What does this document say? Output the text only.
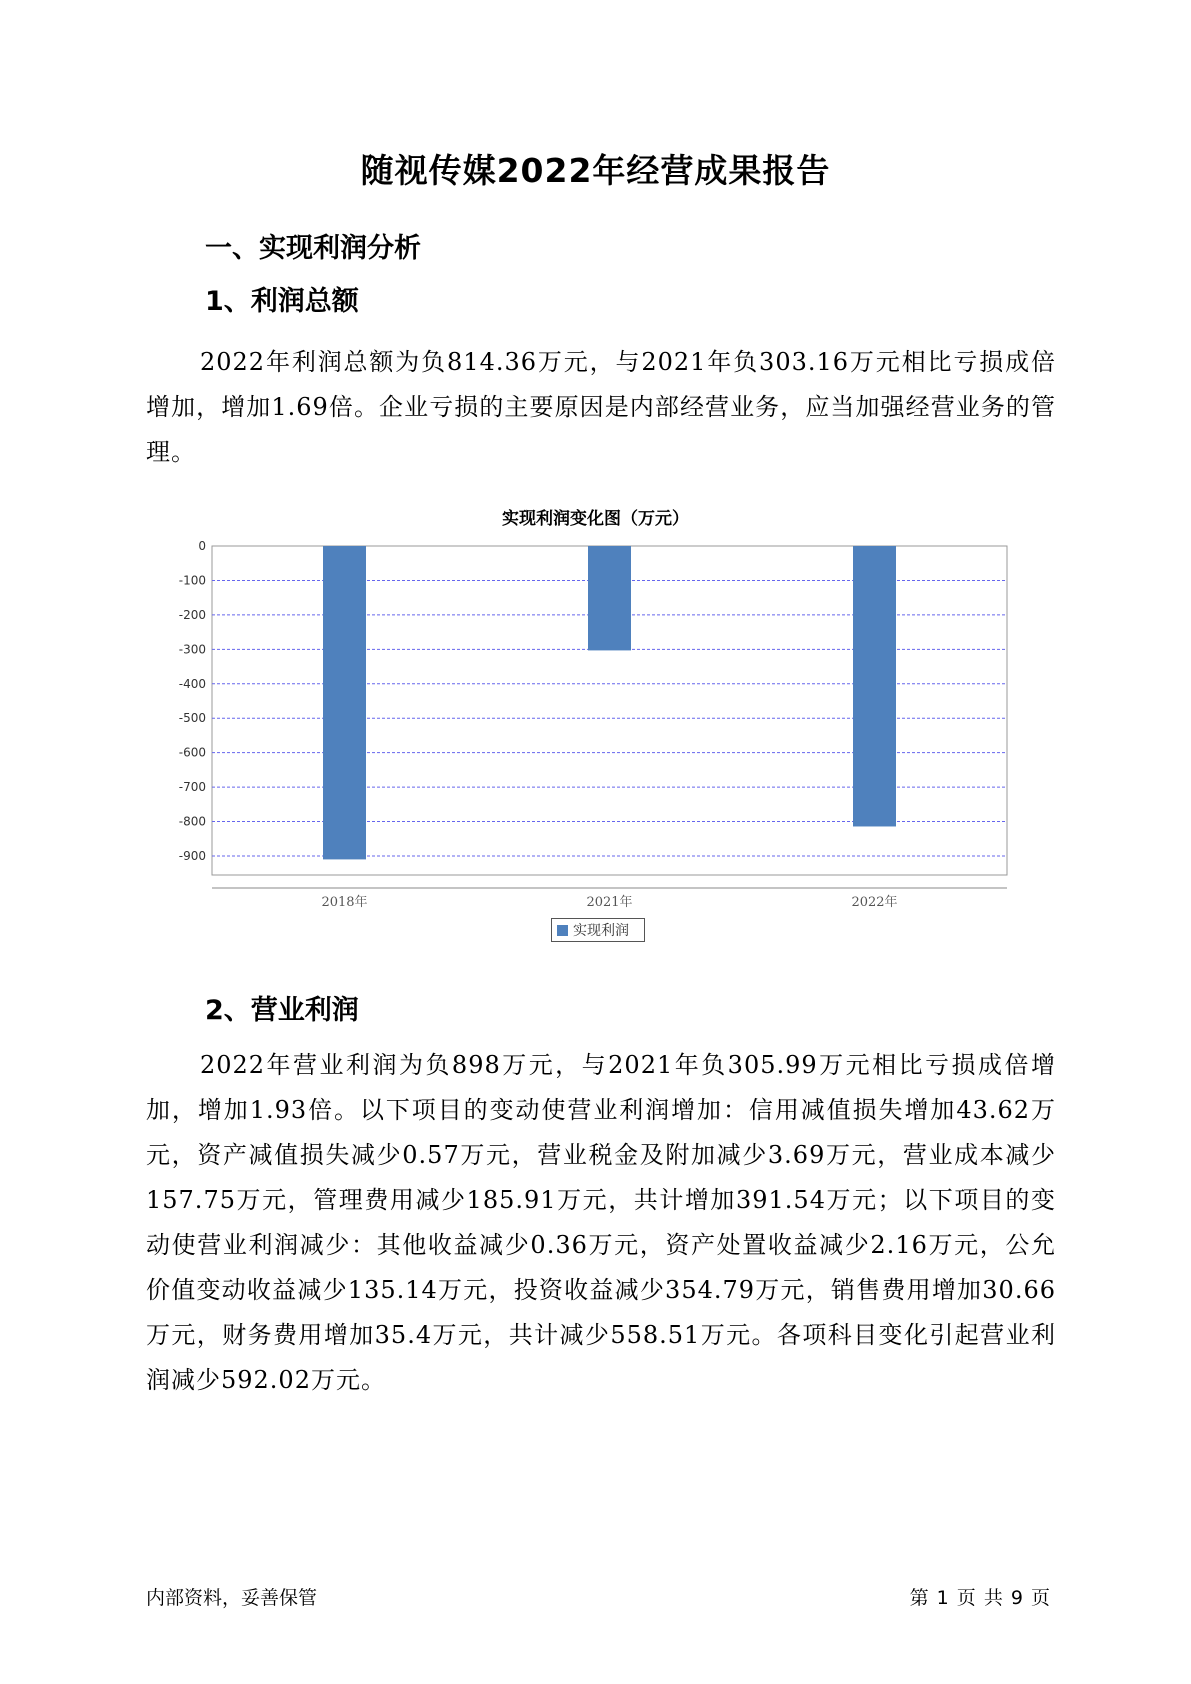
随视传媒2022年经营成果报告
一、实现利润分析
1、利润总额
2022年利润总额为负814.36万元，与2021年负303.16万元相比亏损成倍增加，增加1.69倍。企业亏损的主要原因是内部经营业务，应当加强经营业务的管理。
实现利润变化图（万元）
0
-100
-200
-300
-400
-500
-600
-700
-800
-900
2018年	2021年	2022年
实现利润
2、营业利润
2022年营业利润为负898万元，与2021年负305.99万元相比亏损成倍增加，增加1.93倍。以下项目的变动使营业利润增加：信用减值损失增加43.62万元，资产减值损失减少0.57万元，营业税金及附加减少3.69万元，营业成本减少157.75万元，管理费用减少185.91万元，共计增加391.54万元；以下项目的变动使营业利润减少：其他收益减少0.36万元，资产处置收益减少2.16万元，公允价值变动收益减少135.14万元，投资收益减少354.79万元，销售费用增加30.66万元，财务费用增加35.4万元，共计减少558.51万元。各项科目变化引起营业利润减少592.02万元。
内部资料，妥善保管	第 1 页 共 9 页
